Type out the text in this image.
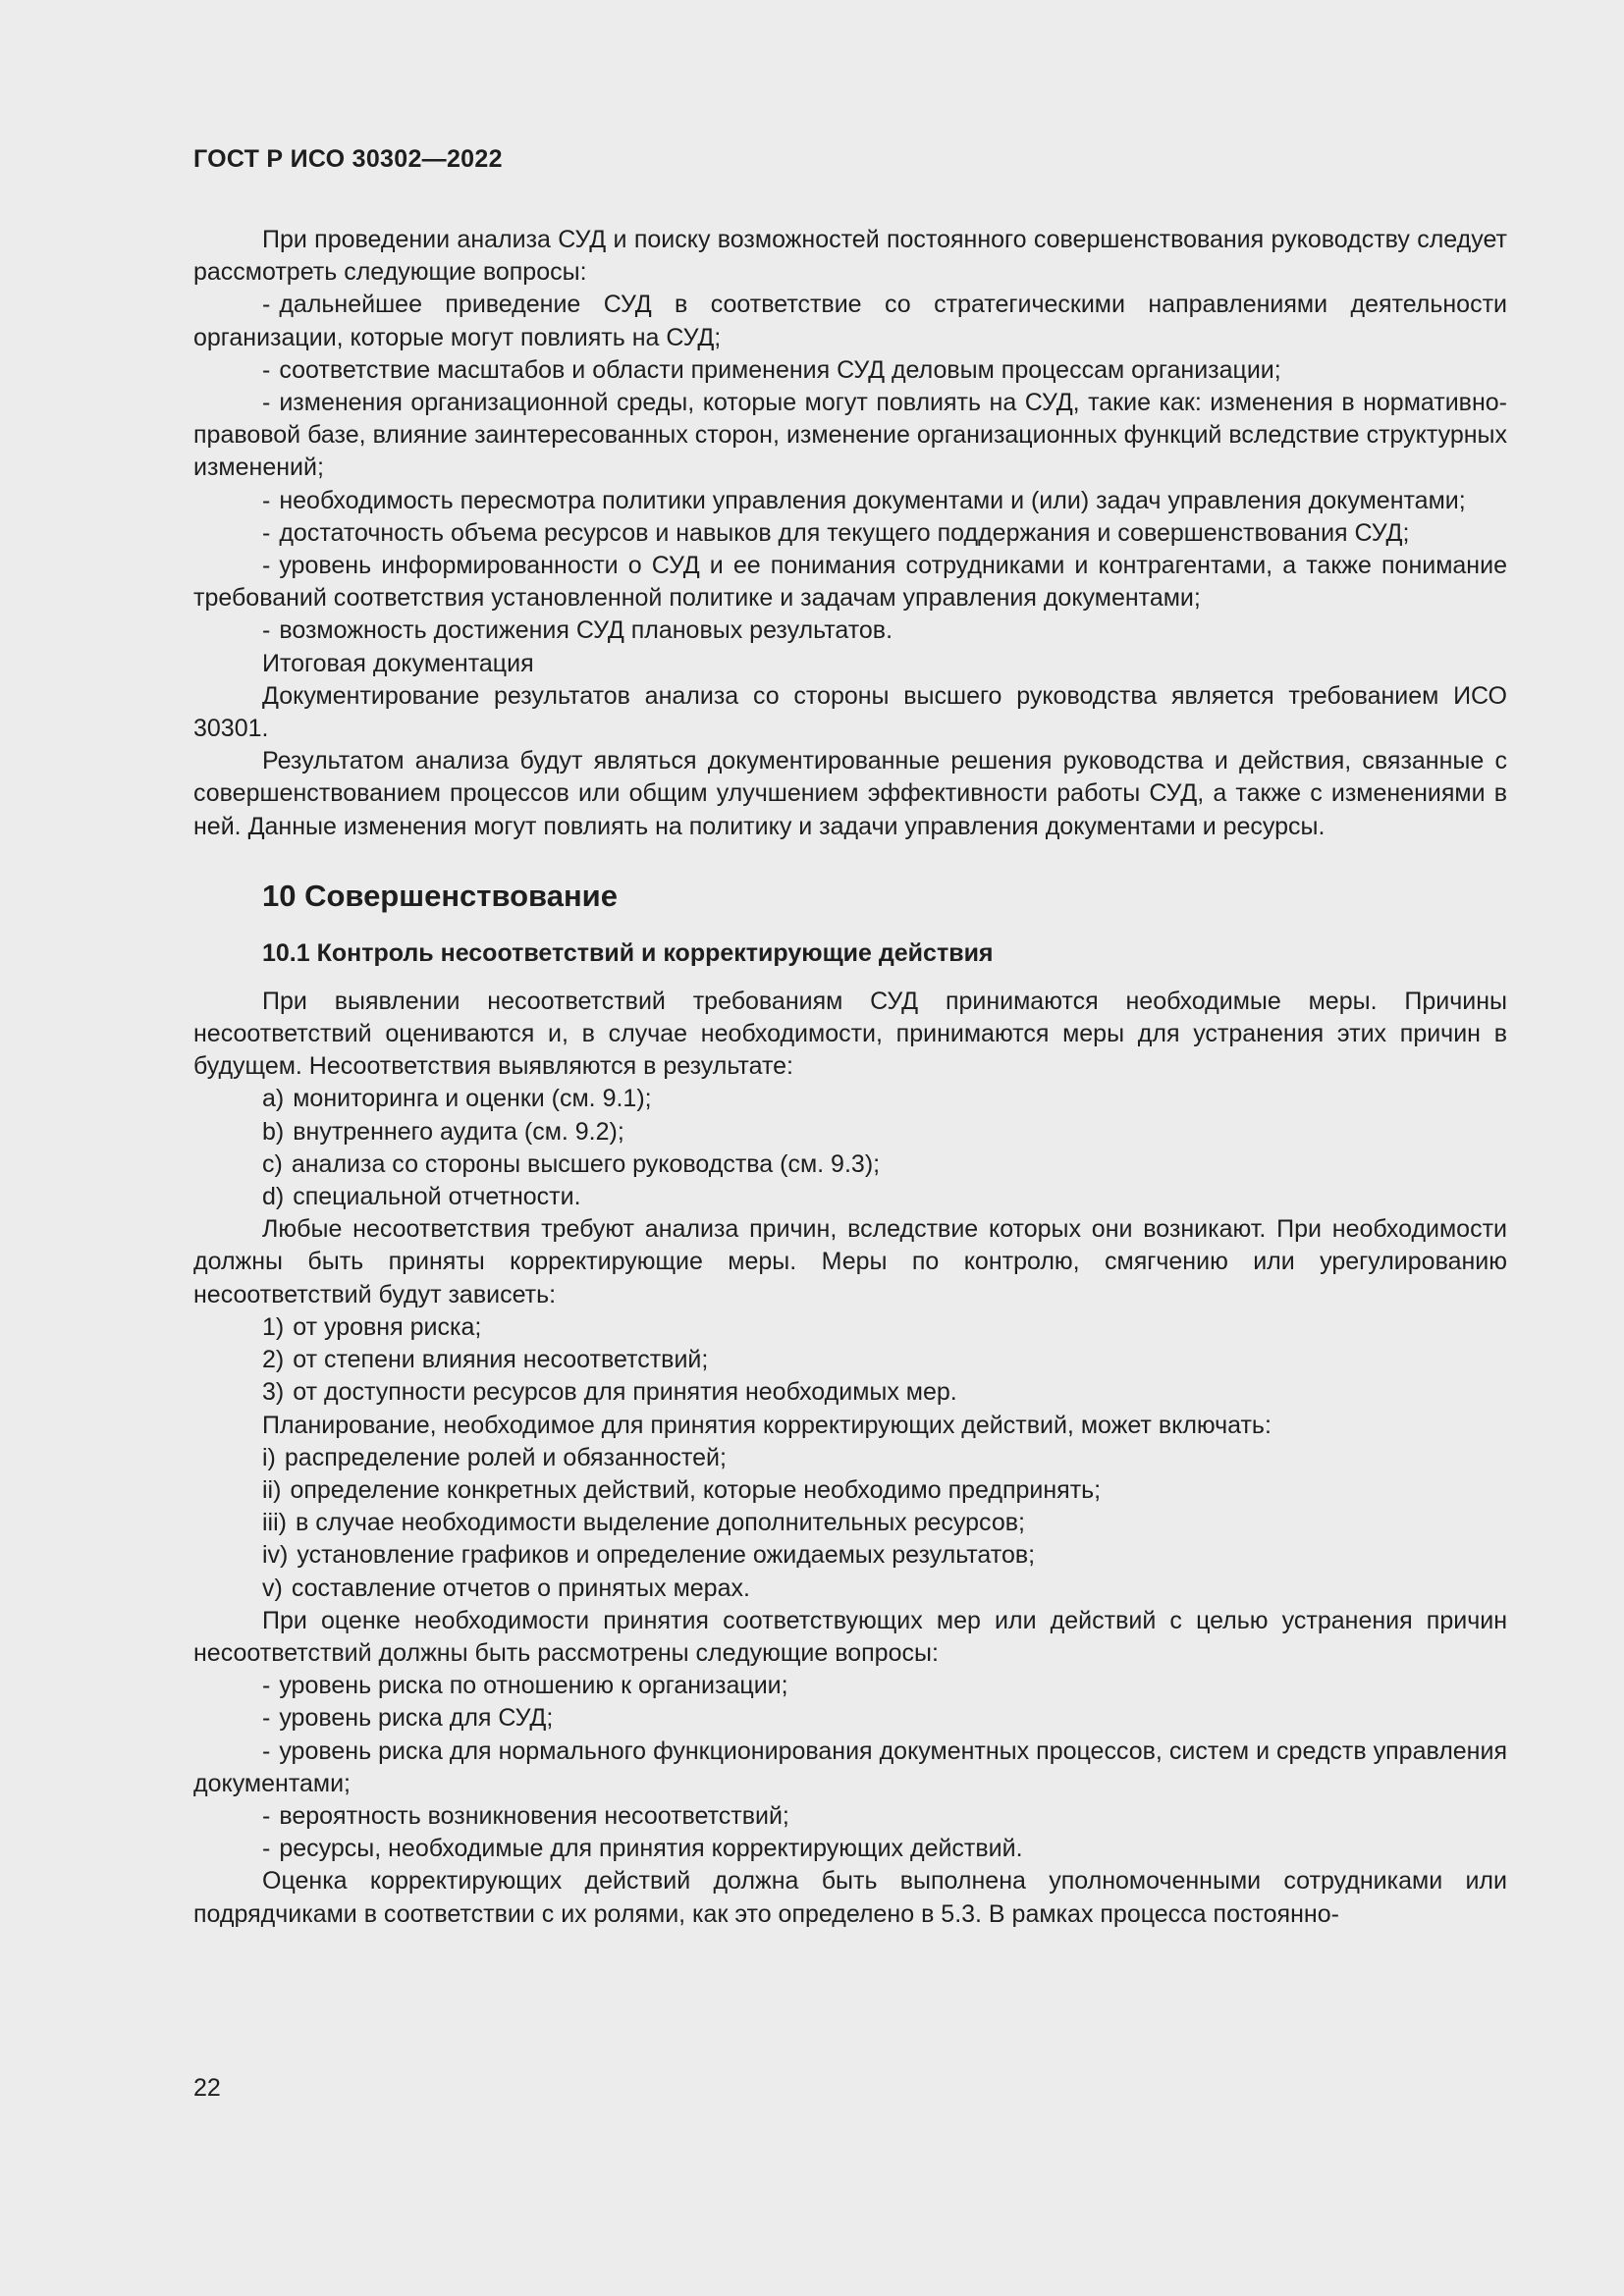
ГОСТ Р ИСО 30302—2022

При проведении анализа СУД и поиску возможностей постоянного совершенствования руководству следует рассмотреть следующие вопросы:

- дальнейшее приведение СУД в соответствие со стратегическими направлениями деятельности организации, которые могут повлиять на СУД;

- соответствие масштабов и области применения СУД деловым процессам организации;

- изменения организационной среды, которые могут повлиять на СУД, такие как: изменения в нормативно-правовой базе, влияние заинтересованных сторон, изменение организационных функций вследствие структурных изменений;

- необходимость пересмотра политики управления документами и (или) задач управления документами;

- достаточность объема ресурсов и навыков для текущего поддержания и совершенствования СУД;

- уровень информированности о СУД и ее понимания сотрудниками и контрагентами, а также понимание требований соответствия установленной политике и задачам управления документами;

- возможность достижения СУД плановых результатов.

Итоговая документация

Документирование результатов анализа со стороны высшего руководства является требованием ИСО 30301.

Результатом анализа будут являться документированные решения руководства и действия, связанные с совершенствованием процессов или общим улучшением эффективности работы СУД, а также с изменениями в ней. Данные изменения могут повлиять на политику и задачи управления документами и ресурсы.

10 Совершенствование
10.1 Контроль несоответствий и корректирующие действия

При выявлении несоответствий требованиям СУД принимаются необходимые меры. Причины несоответствий оцениваются и, в случае необходимости, принимаются меры для устранения этих причин в будущем. Несоответствия выявляются в результате:

a) мониторинга и оценки (см. 9.1);

b) внутреннего аудита (см. 9.2);

c) анализа со стороны высшего руководства (см. 9.3);

d) специальной отчетности.

Любые несоответствия требуют анализа причин, вследствие которых они возникают. При необходимости должны быть приняты корректирующие меры. Меры по контролю, смягчению или урегулированию несоответствий будут зависеть:

1) от уровня риска;

2) от степени влияния несоответствий;

3) от доступности ресурсов для принятия необходимых мер.

Планирование, необходимое для принятия корректирующих действий, может включать:

i) распределение ролей и обязанностей;

ii) определение конкретных действий, которые необходимо предпринять;

iii) в случае необходимости выделение дополнительных ресурсов;

iv) установление графиков и определение ожидаемых результатов;

v) составление отчетов о принятых мерах.

При оценке необходимости принятия соответствующих мер или действий с целью устранения причин несоответствий должны быть рассмотрены следующие вопросы:

- уровень риска по отношению к организации;

- уровень риска для СУД;

- уровень риска для нормального функционирования документных процессов, систем и средств управления документами;

- вероятность возникновения несоответствий;

- ресурсы, необходимые для принятия корректирующих действий.

Оценка корректирующих действий должна быть выполнена уполномоченными сотрудниками или подрядчиками в соответствии с их ролями, как это определено в 5.3. В рамках процесса постоянно-

22
